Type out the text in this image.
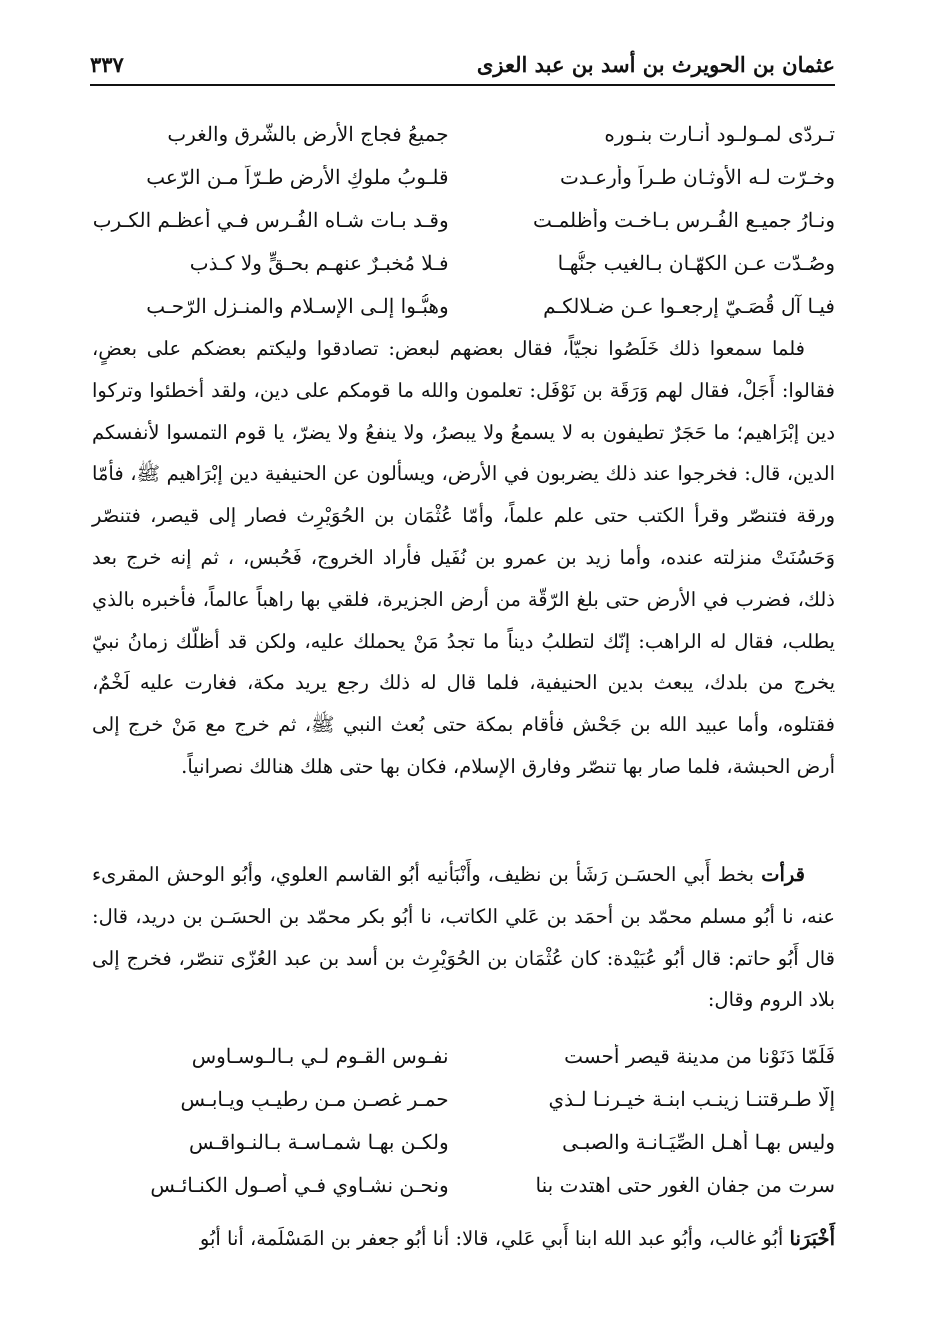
عثمان بن الحويرث بن أسد بن عبد العزى
٣٣٧
تـردّى لمـولـود أنـارت بنـوره
جميعُ فجاج الأرض بالشّرق والغرب
وخـرّت لـه الأوثـان طـراً وأرعـدت
قلـوبُ ملوكِ الأرض طـرّاً مـن الرّعب
ونـارُ جميـع الفُـرس بـاخـت وأظلمـت
وقـد بـات شـاه الفُـرس فـي أعظـم الكـرب
وصُـدّت عـن الكهّـان بـالغيب جنُّهـا
فـلا مُخبـرٌ عنهـم بحـقٍّ ولا كـذب
فيـا آل قُصَـيّ إرجعـوا عـن ضـلالكـم
وهبُّـوا إلـى الإسـلام والمنـزل الرّحـب

فلما سمعوا ذلك خَلَصُوا نجيّاً، فقال بعضهم لبعض: تصادقوا وليكتم بعضكم على بعضٍ، فقالوا: أَجَلْ، فقال لهم وَرَقَة بن نَوْفَل: تعلمون والله ما قومكم على دين، ولقد أخطئوا وتركوا دين إبْرَاهيم؛ ما حَجَرٌ تطيفون به لا يسمعُ ولا يبصرُ، ولا ينفعُ ولا يضرّ، يا قوم التمسوا لأنفسكم الدين، قال: فخرجوا عند ذلك يضربون في الأرض، ويسألون عن الحنيفية دين إبْرَاهيم ﷺ، فأمّا ورقة فتنصّر وقرأ الكتب حتى علم علماً، وأمّا عُثْمَان بن الحُوَيْرِث فصار إلى قيصر، فتنصّر وَحَسُنَتْ منزلته عنده، وأما زيد بن عمرو بن نُفَيل فأراد الخروج، فَحُبس، ، ثم إنه خرج بعد ذلك، فضرب في الأرض حتى بلغ الرّقّة من أرض الجزيرة، فلقي بها راهباً عالماً، فأخبره بالذي يطلب، فقال له الراهب: إنّك لتطلبُ ديناً ما تجدُ مَنْ يحملك عليه، ولكن قد أظلّك زمانُ نبيّ يخرج من بلدك، يبعث بدين الحنيفية، فلما قال له ذلك رجع يريد مكة، فغارت عليه لَخْمٌ، فقتلوه، وأما عبيد الله بن جَحْش فأقام بمكة حتى بُعث النبي ﷺ، ثم خرج مع مَنْ خرج إلى أرض الحبشة، فلما صار بها تنصّر وفارق الإسلام، فكان بها حتى هلك هنالك نصرانياً.

قرأت بخط أَبي الحسَـن رَشَأ بن نظيف، وأَنْبَأنيه أبُو القاسم العلوي، وأبُو الوحش المقرىء عنه، نا أبُو مسلم محمّد بن أحمَد بن عَلي الكاتب، نا أبُو بكر محمّد بن الحسَـن بن دريد، قال: قال أَبُو حاتم: قال أبُو عُبَيْدة: كان عُثْمَان بن الحُوَيْرِث بن أسد بن عبد العُزّى تنصّر، فخرج إلى بلاد الروم وقال:

فَلَمّا دَنَوْنا من مدينة قيصر أحست
نفـوس القـوم لـي بـالـوسـاوس
إلّا طـرقتنـا زينـب ابنـة خيـرنـا لـذي
حمـر غصـن مـن رطيـبٍ ويـابـس
وليس بهـا أهـل الصِّيَـانـة والصبـى
ولكـن بهـا شمـاسـة بـالنـواقـس
سرت من جفان الغور حتى اهتدت بنا
ونحـن نشـاوي فـي أصـول الكنـائـس

أَخْبَرَنا أبُو غالب، وأبُو عبد الله ابنا أَبي عَلي، قالا: أنا أبُو جعفر بن المَسْلَمة، أنا أبُو
